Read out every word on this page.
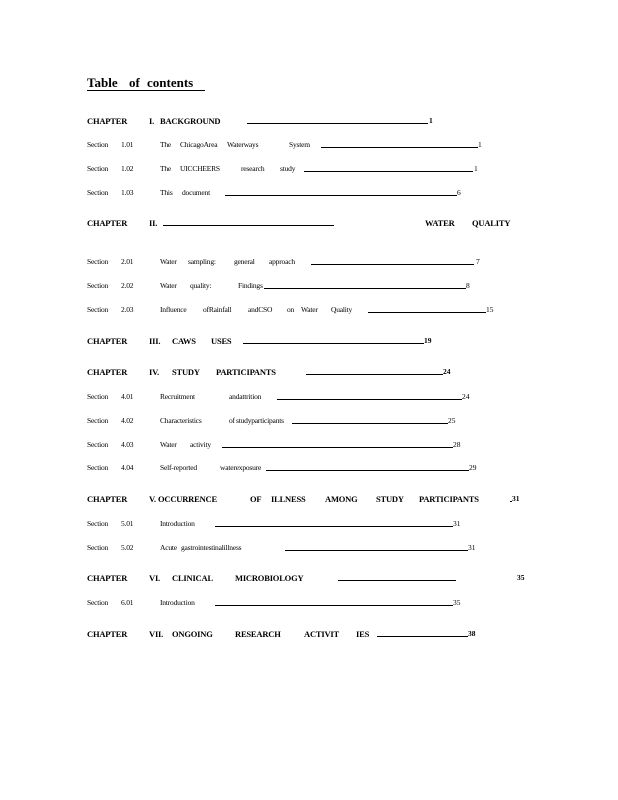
Table of contents
CHAPTER	I. BACKGROUND	1
Section 1.01	The ChicagoArea Waterways	System	1
Section 1.02	The UICCHEERS	research study	1
Section 1.03	This document	6
CHAPTER	II.	WATER QUALITY
Section 2.01	Water sampling: general approach	7
Section 2.02	Water quality:	Findings	8
Section 2.03	Influence ofRainfall andCSO on Water Quality	15
CHAPTER	III. CAWS USES	19
CHAPTER	IV. STUDY PARTICIPANTS	24
Section 4.01	Recruitment	andattrition	24
Section 4.02	Characteristics	of studyparticipants	25
Section 4.03	Water activity	28
Section 4.04	Self-reported	waterexposure	29
CHAPTER	V. OCCURRENCE	OF ILLNESS AMONG STUDY PARTICIPANTS	31
Section 5.01	Introduction	31
Section 5.02	Acute gastrointestinalillness	31
CHAPTER	VI. CLINICAL	MICROBIOLOGY	35
Section 6.01	Introduction	35
CHAPTER	VII. ONGOING	RESEARCH	ACTIVIT IES	38
